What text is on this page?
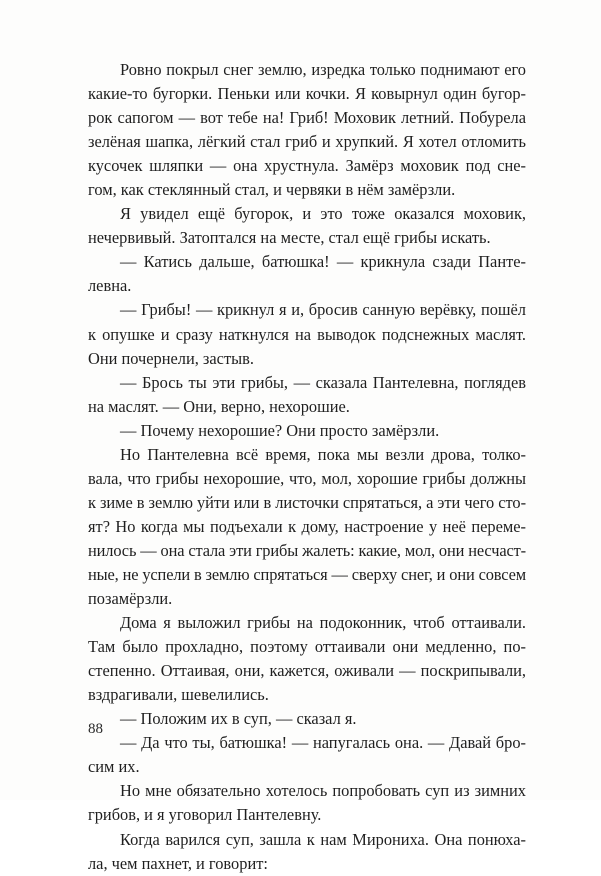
Ровно покрыл снег землю, изредка только поднимают его
какие-то бугорки. Пеньки или кочки. Я ковырнул один бугор-
рок сапогом — вот тебе на! Гриб! Моховик летний. Побурела
зелёная шапка, лёгкий стал гриб и хрупкий. Я хотел отломить
кусочек шляпки — она хрустнула. Замёрз моховик под сне-
гом, как стеклянный стал, и червяки в нём замёрзли.
Я увидел ещё бугорок, и это тоже оказался моховик,
нечервивый. Затоптался на месте, стал ещё грибы искать.
— Катись дальше, батюшка! — крикнула сзади Панте-
левна.
— Грибы! — крикнул я и, бросив санную верёвку, пошёл
к опушке и сразу наткнулся на выводок подснежных маслят.
Они почернели, застыв.
— Брось ты эти грибы, — сказала Пантелевна, поглядев
на маслят. — Они, верно, нехорошие.
— Почему нехорошие? Они просто замёрзли.
Но Пантелевна всё время, пока мы везли дрова, толко-
вала, что грибы нехорошие, что, мол, хорошие грибы должны
к зиме в землю уйти или в листочки спрятаться, а эти чего сто-
ят? Но когда мы подъехали к дому, настроение у неё переме-
нилось — она стала эти грибы жалеть: какие, мол, они несчаст-
ные, не успели в землю спрятаться — сверху снег, и они совсем
позамёрзли.
Дома я выложил грибы на подоконник, чтоб оттаивали.
Там было прохладно, поэтому оттаивали они медленно, по-
степенно. Оттаивая, они, кажется, оживали — поскрипывали,
вздрагивали, шевелились.
— Положим их в суп, — сказал я.
— Да что ты, батюшка! — напугалась она. — Давай бро-
сим их.
Но мне обязательно хотелось попробовать суп из зимних
грибов, и я уговорил Пантелевну.
Когда варился суп, зашла к нам Мирониха. Она понюха-
ла, чем пахнет, и говорит:
88
